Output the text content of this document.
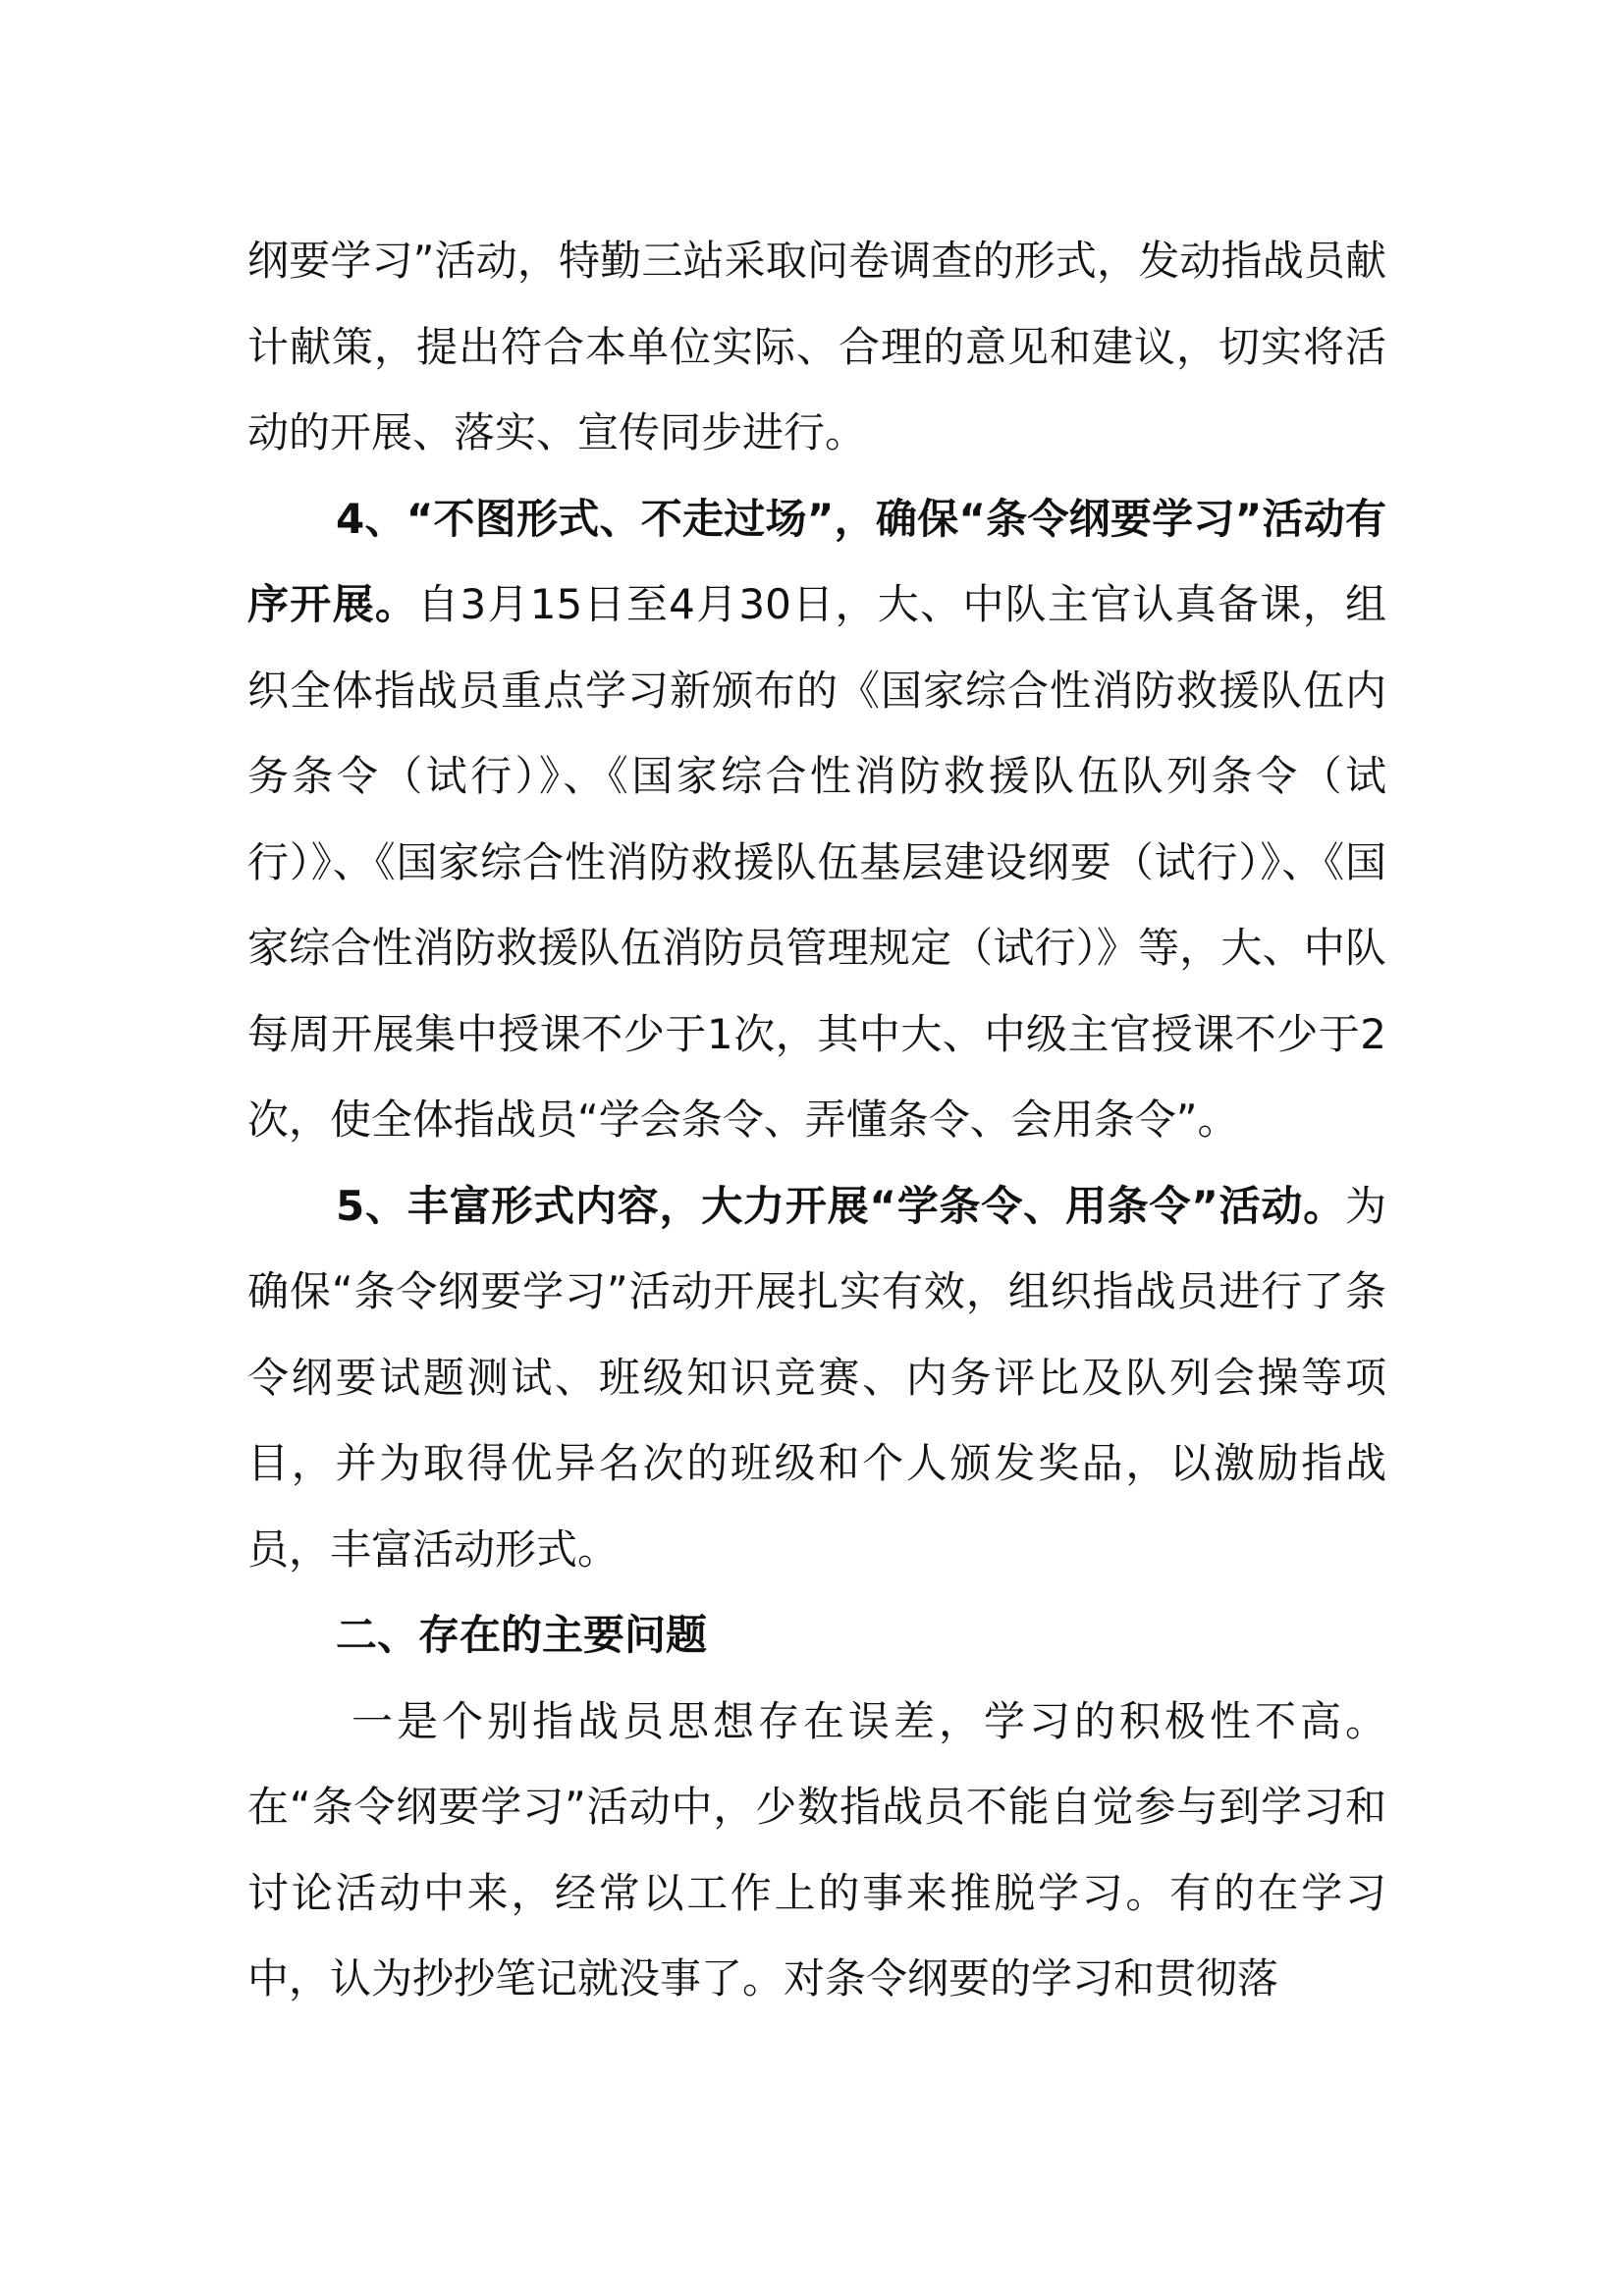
纲要学习”活动，特勤三站采取问卷调查的形式，发动指战员献计献策，提出符合本单位实际、合理的意见和建议，切实将活动的开展、落实、宣传同步进行。

4、“不图形式、不走过场”，确保“条令纲要学习”活动有序开展。自3月15日至4月30日，大、中队主官认真备课，组织全体指战员重点学习新颁布的《国家综合性消防救援队伍内务条令（试行）》、《国家综合性消防救援队伍队列条令（试行）》、《国家综合性消防救援队伍基层建设纲要（试行）》、《国家综合性消防救援队伍消防员管理规定（试行）》等，大、中队每周开展集中授课不少于1次，其中大、中级主官授课不少于2次，使全体指战员“学会条令、弄懂条令、会用条令”。

5、丰富形式内容，大力开展“学条令、用条令”活动。为确保“条令纲要学习”活动开展扎实有效，组织指战员进行了条令纲要试题测试、班级知识竞赛、内务评比及队列会操等项目，并为取得优异名次的班级和个人颁发奖品，以激励指战员，丰富活动形式。

二、存在的主要问题

一是个别指战员思想存在误差，学习的积极性不高。在“条令纲要学习”活动中，少数指战员不能自觉参与到学习和讨论活动中来，经常以工作上的事来推脱学习。有的在学习中，认为抄抄笔记就没事了。对条令纲要的学习和贯彻落
